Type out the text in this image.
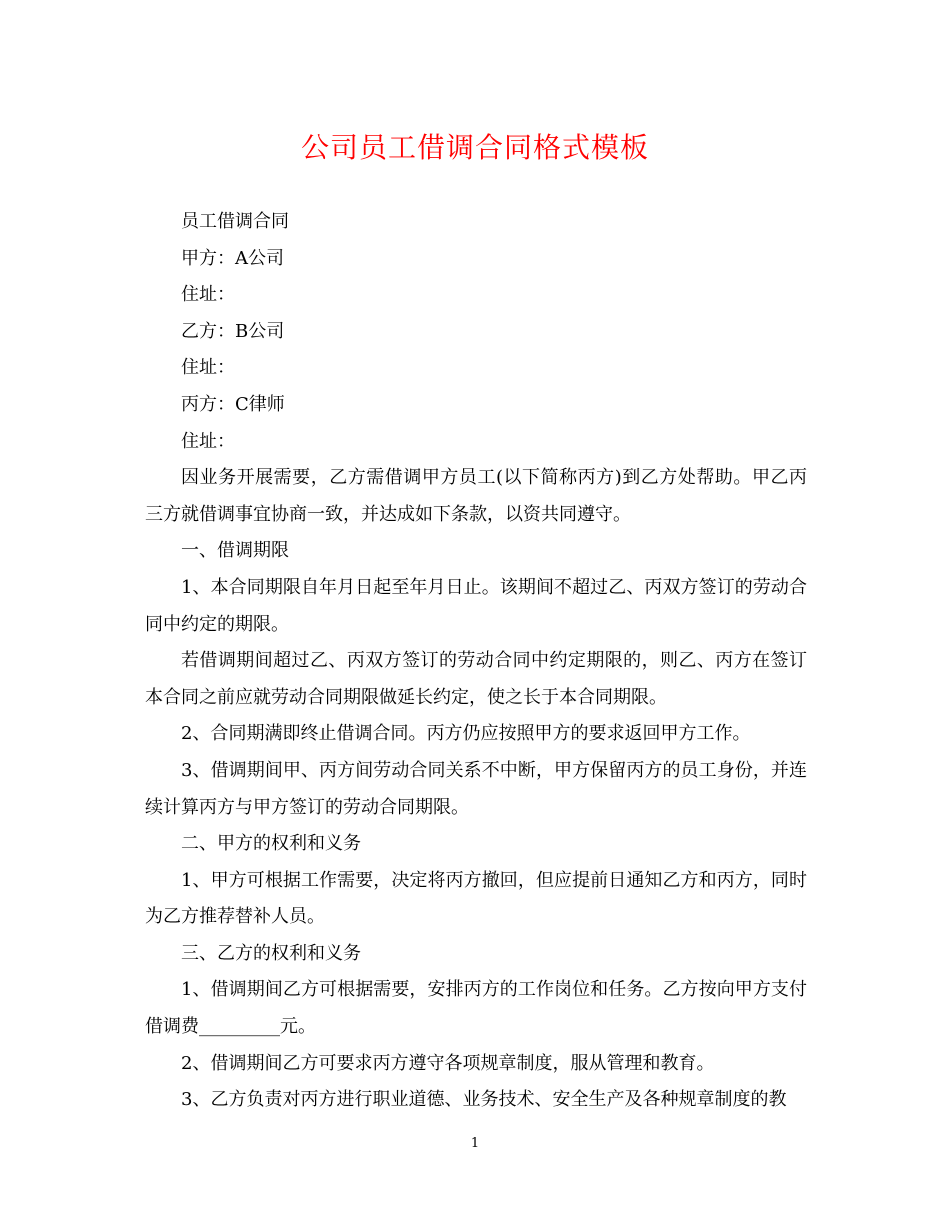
公司员工借调合同格式模板

员工借调合同

甲方：A公司

住址：

乙方：B公司

住址：

丙方：C律师

住址：

因业务开展需要，乙方需借调甲方员工(以下简称丙方)到乙方处帮助。甲乙丙三方就借调事宜协商一致，并达成如下条款，以资共同遵守。

一、借调期限

1、本合同期限自年月日起至年月日止。该期间不超过乙、丙双方签订的劳动合同中约定的期限。

若借调期间超过乙、丙双方签订的劳动合同中约定期限的，则乙、丙方在签订本合同之前应就劳动合同期限做延长约定，使之长于本合同期限。

2、合同期满即终止借调合同。丙方仍应按照甲方的要求返回甲方工作。

3、借调期间甲、丙方间劳动合同关系不中断，甲方保留丙方的员工身份，并连续计算丙方与甲方签订的劳动合同期限。

二、甲方的权利和义务

1、甲方可根据工作需要，决定将丙方撤回，但应提前日通知乙方和丙方，同时为乙方推荐替补人员。

三、乙方的权利和义务

1、借调期间乙方可根据需要，安排丙方的工作岗位和任务。乙方按向甲方支付借调费_________元。

2、借调期间乙方可要求丙方遵守各项规章制度，服从管理和教育。

3、乙方负责对丙方进行职业道德、业务技术、安全生产及各种规章制度的教

1
